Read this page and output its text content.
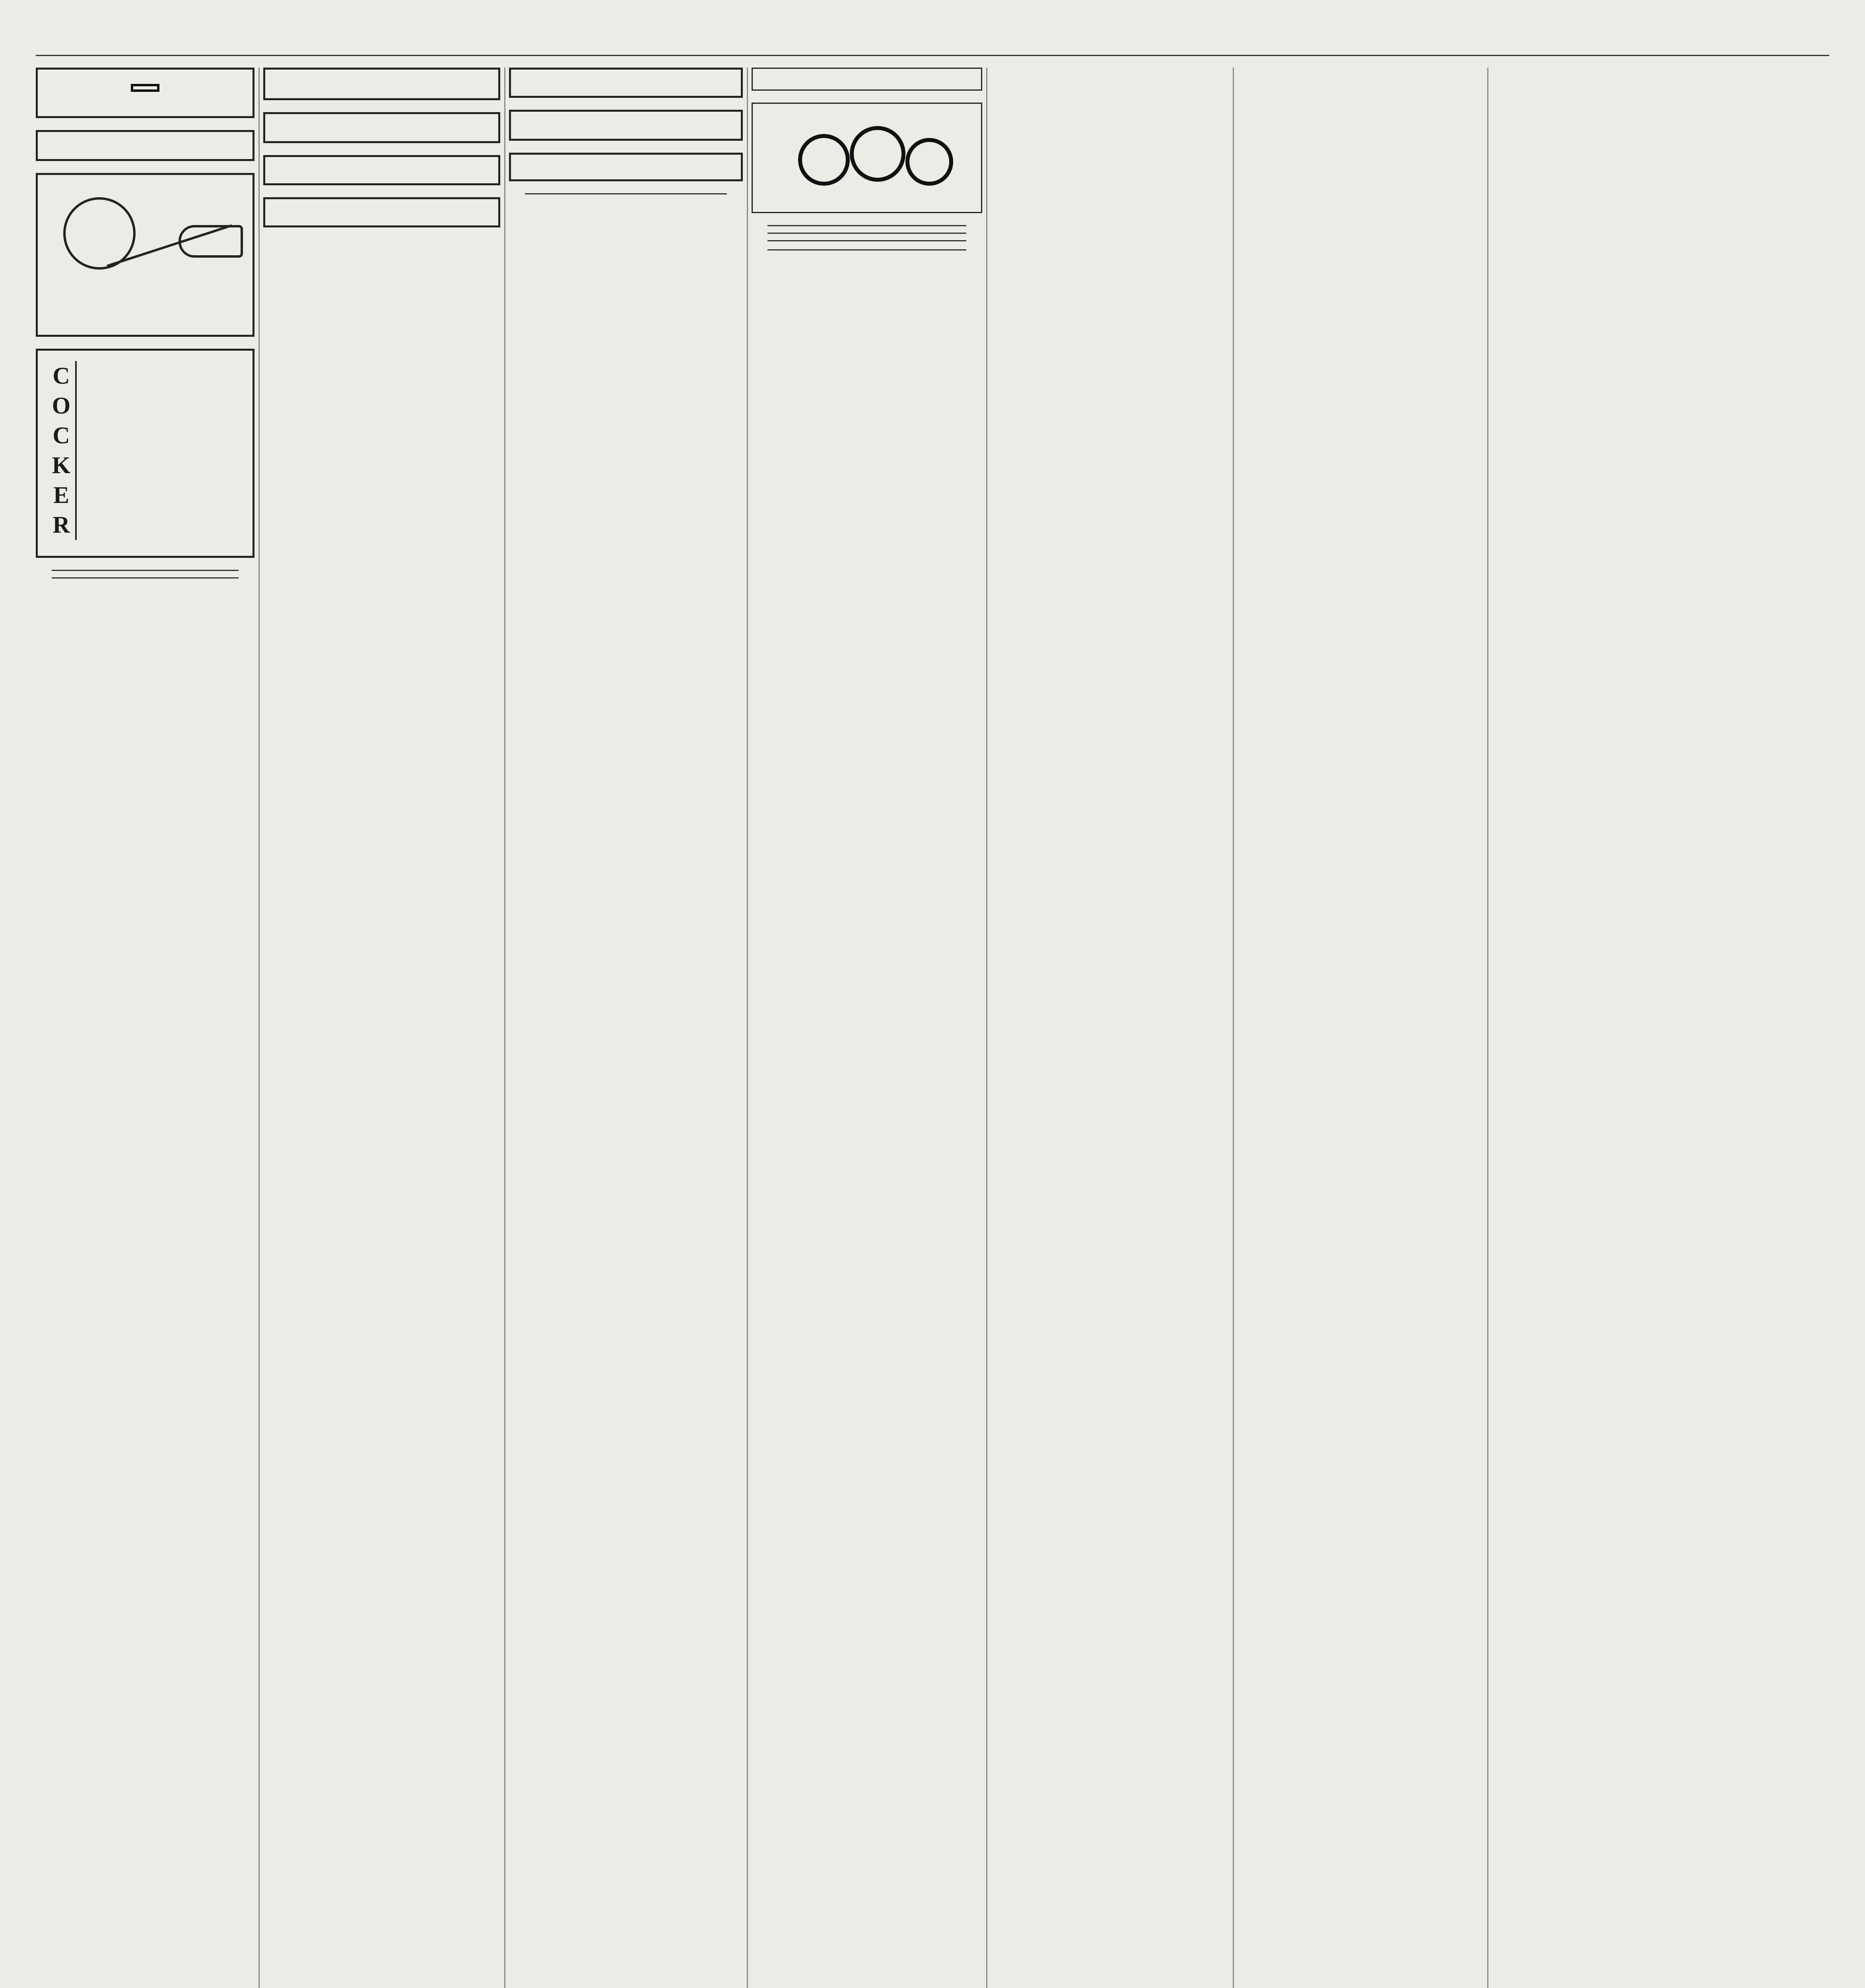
C
O
C
K
E
R
